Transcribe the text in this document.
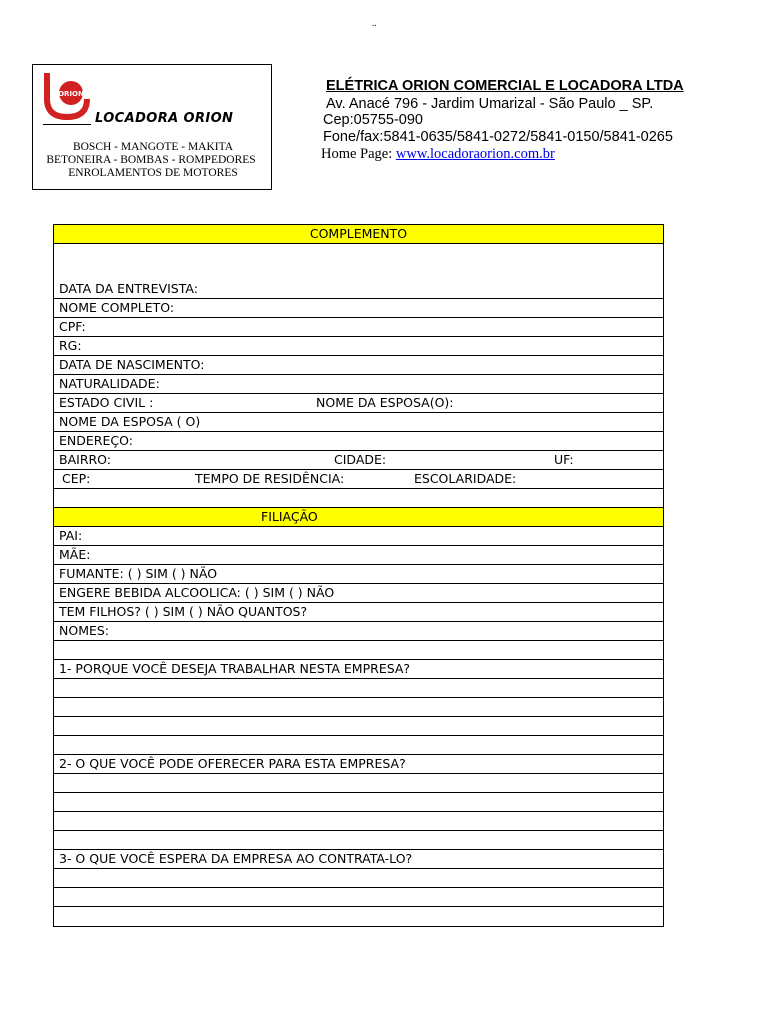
..
ORION
LOCADORA ORION
BOSCH - MANGOTE - MAKITA
BETONEIRA - BOMBAS - ROMPEDORES
ENROLAMENTOS DE MOTORES
ELÉTRICA ORION COMERCIAL E LOCADORA LTDA
Av. Anacé 796 - Jardim Umarizal - São Paulo _ SP.
Cep:05755-090
Fone/fax:5841-0635/5841-0272/5841-0150/5841-0265
Home Page: www.locadoraorion.com.br
COMPLEMENTO
DATA DA ENTREVISTA:
NOME COMPLETO:
CPF:
RG:
DATA DE NASCIMENTO:
NATURALIDADE:
ESTADO CIVIL :	NOME DA ESPOSA(O):
NOME DA ESPOSA ( O)
ENDEREÇO:
BAIRRO:	CIDADE:	UF:
CEP:	TEMPO DE RESIDÊNCIA:	ESCOLARIDADE:
FILIAÇÃO
PAI:
MÃE:
FUMANTE: ( ) SIM ( ) NÃO
ENGERE BEBIDA ALCOOLICA: ( ) SIM ( ) NÃO
TEM FILHOS? ( ) SIM ( ) NÃO QUANTOS?
NOMES:
1- PORQUE VOCÊ DESEJA TRABALHAR NESTA EMPRESA?
2- O QUE VOCÊ PODE OFERECER PARA ESTA EMPRESA?
3- O QUE VOCÊ ESPERA DA EMPRESA AO CONTRATA-LO?
